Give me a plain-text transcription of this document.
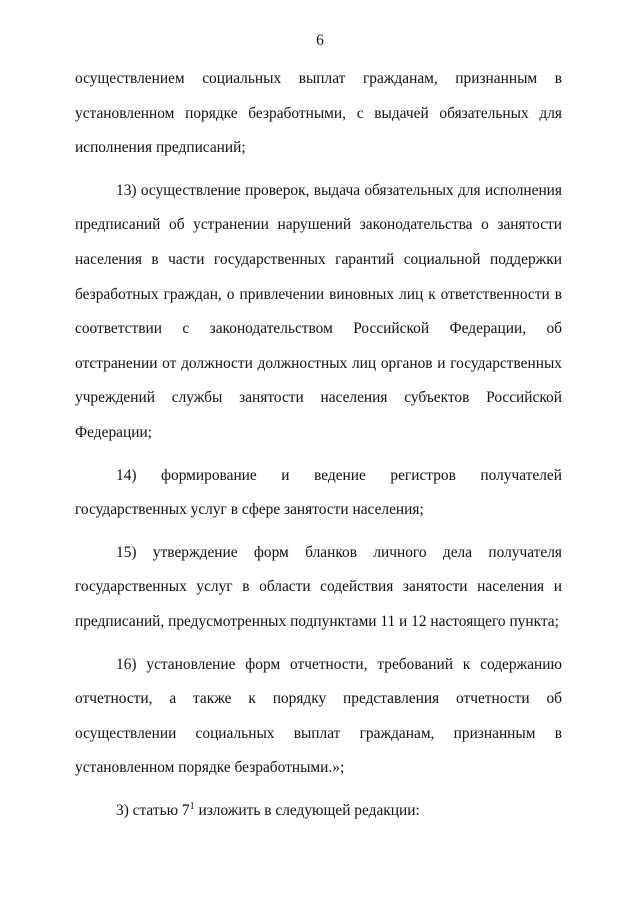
6

осуществлением социальных выплат гражданам, признанным в установленном порядке безработными, с выдачей обязательных для исполнения предписаний;

13) осуществление проверок, выдача обязательных для исполнения предписаний об устранении нарушений законодательства о занятости населения в части государственных гарантий социальной поддержки безработных граждан, о привлечении виновных лиц к ответственности в соответствии с законодательством Российской Федерации, об отстранении от должности должностных лиц органов и государственных учреждений службы занятости населения субъектов Российской Федерации;

14) формирование и ведение регистров получателей государственных услуг в сфере занятости населения;

15) утверждение форм бланков личного дела получателя государственных услуг в области содействия занятости населения и предписаний, предусмотренных подпунктами 11 и 12 настоящего пункта;

16) установление форм отчетности, требований к содержанию отчетности, а также к порядку представления отчетности об осуществлении социальных выплат гражданам, признанным в установленном порядке безработными.»;

3) статью $7^1$ изложить в следующей редакции:
